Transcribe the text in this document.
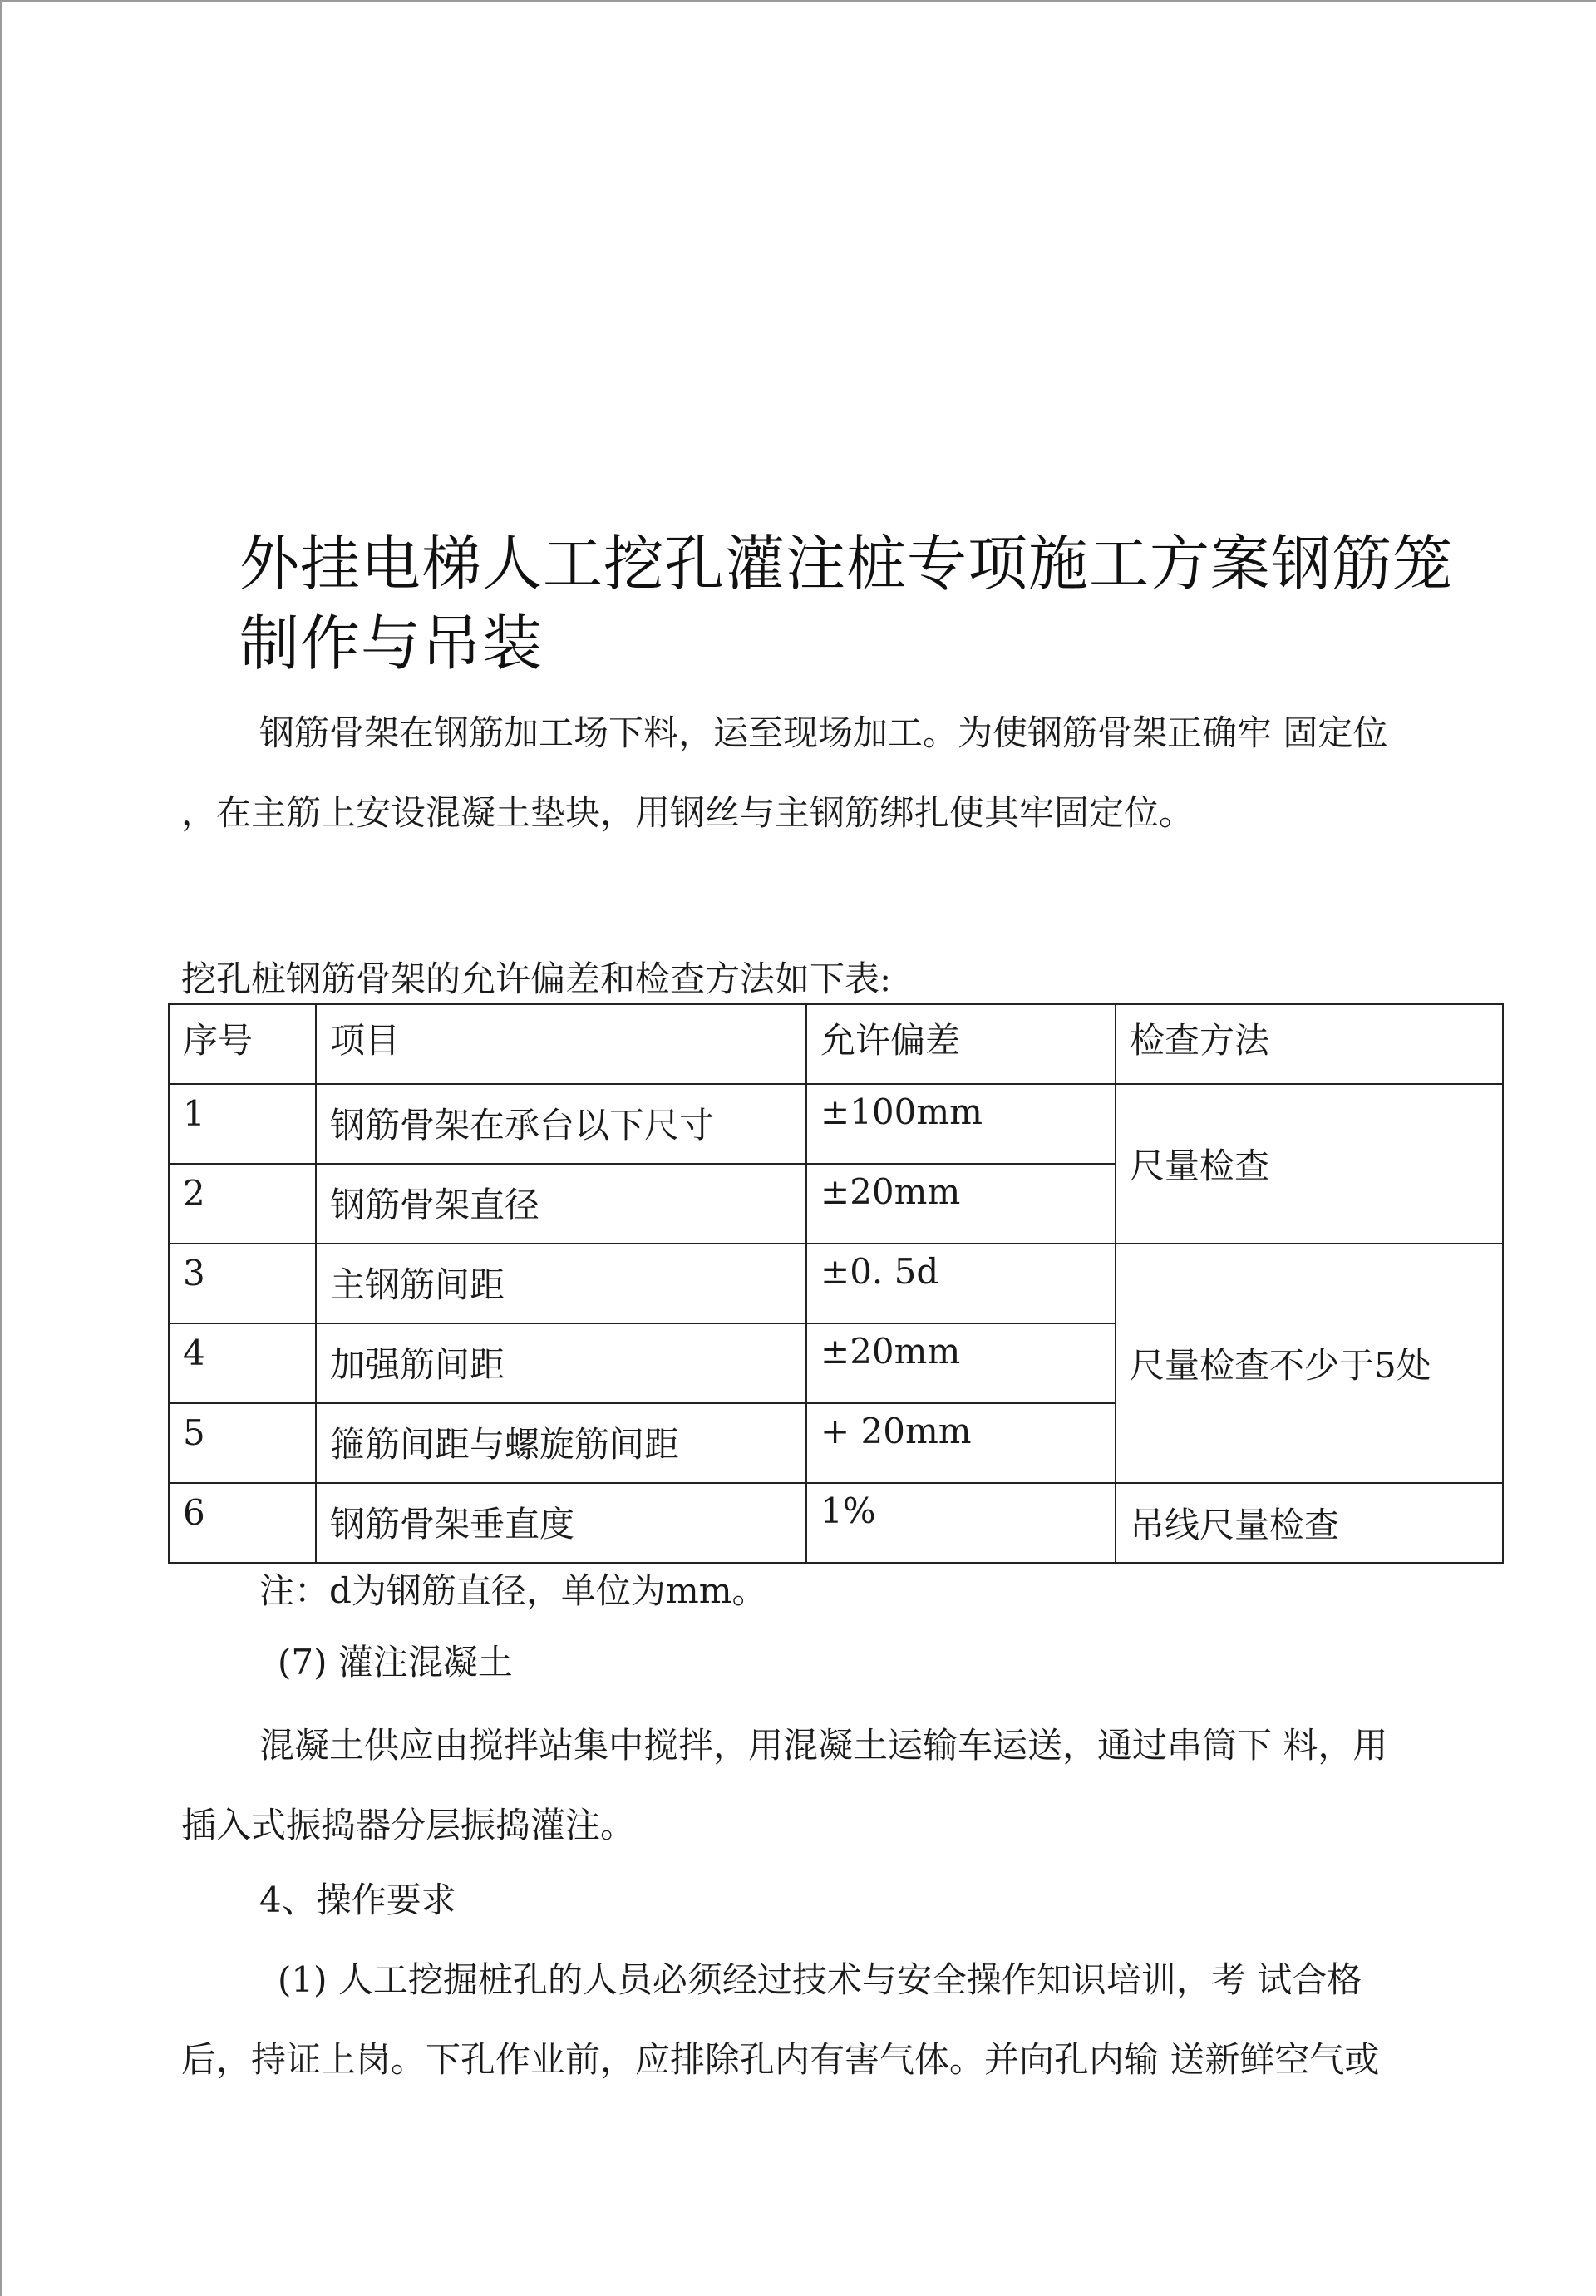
外挂电梯人工挖孔灌注桩专项施工方案钢筋笼制作与吊装

钢筋骨架在钢筋加工场下料，运至现场加工。为使钢筋骨架正确牢 固定位

，在主筋上安设混凝土垫块，用钢丝与主钢筋绑扎使其牢固定位。

挖孔桩钢筋骨架的允许偏差和检查方法如下表:
序号	项目	允许偏差	检查方法
1	钢筋骨架在承台以下尺寸	±100mm	尺量检查
2	钢筋骨架直径	±20mm	
3	主钢筋间距	±0. 5d	尺量检查不少于5处
4	加强筋间距	±20mm	
5	箍筋间距与螺旋筋间距	+ 20mm	
6	钢筋骨架垂直度	1%	吊线尺量检查

注：d为钢筋直径，单位为mm。

(7) 灌注混凝土

混凝土供应由搅拌站集中搅拌，用混凝土运输车运送，通过串筒下 料，用

插入式振捣器分层振捣灌注。

4、操作要求

(1) 人工挖掘桩孔的人员必须经过技术与安全操作知识培训，考 试合格

后，持证上岗。下孔作业前，应排除孔内有害气体。并向孔内输 送新鲜空气或
